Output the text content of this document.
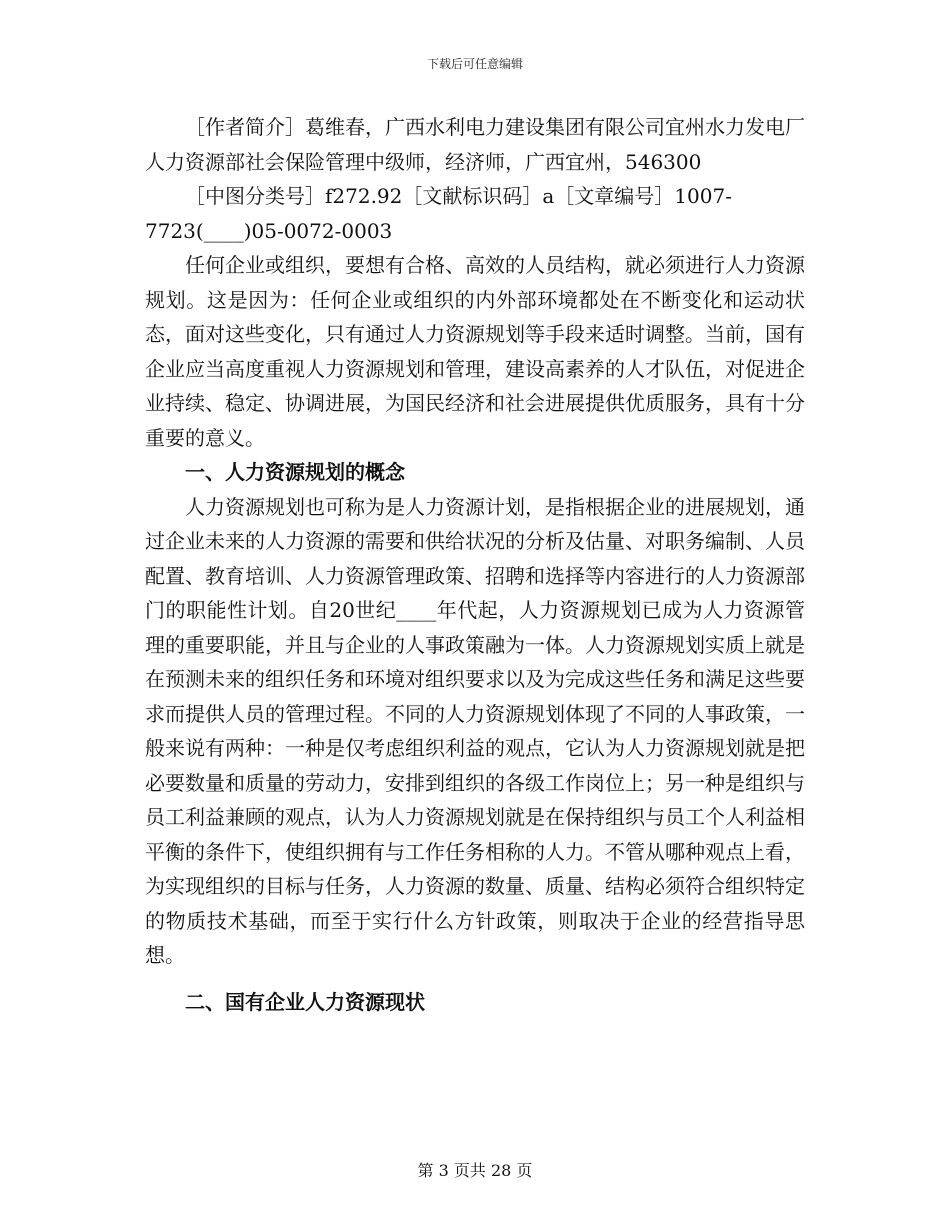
下载后可任意编辑

［作者简介］葛维春，广西水利电力建设集团有限公司宜州水力发电厂人力资源部社会保险管理中级师，经济师，广西宜州，546300

［中图分类号］f272.92［文献标识码］a［文章编号］1007-

7723(____)05-0072-0003

任何企业或组织，要想有合格、高效的人员结构，就必须进行人力资源规划。这是因为：任何企业或组织的内外部环境都处在不断变化和运动状态，面对这些变化，只有通过人力资源规划等手段来适时调整。当前，国有企业应当高度重视人力资源规划和管理，建设高素养的人才队伍，对促进企业持续、稳定、协调进展，为国民经济和社会进展提供优质服务，具有十分重要的意义。

一、人力资源规划的概念

人力资源规划也可称为是人力资源计划，是指根据企业的进展规划，通过企业未来的人力资源的需要和供给状况的分析及估量、对职务编制、人员配置、教育培训、人力资源管理政策、招聘和选择等内容进行的人力资源部门的职能性计划。自20世纪____年代起，人力资源规划已成为人力资源管理的重要职能，并且与企业的人事政策融为一体。人力资源规划实质上就是在预测未来的组织任务和环境对组织要求以及为完成这些任务和满足这些要求而提供人员的管理过程。不同的人力资源规划体现了不同的人事政策，一般来说有两种：一种是仅考虑组织利益的观点，它认为人力资源规划就是把必要数量和质量的劳动力，安排到组织的各级工作岗位上；另一种是组织与员工利益兼顾的观点，认为人力资源规划就是在保持组织与员工个人利益相平衡的条件下，使组织拥有与工作任务相称的人力。不管从哪种观点上看，为实现组织的目标与任务，人力资源的数量、质量、结构必须符合组织特定的物质技术基础，而至于实行什么方针政策，则取决于企业的经营指导思想。

二、国有企业人力资源现状

第 3 页共 28 页
